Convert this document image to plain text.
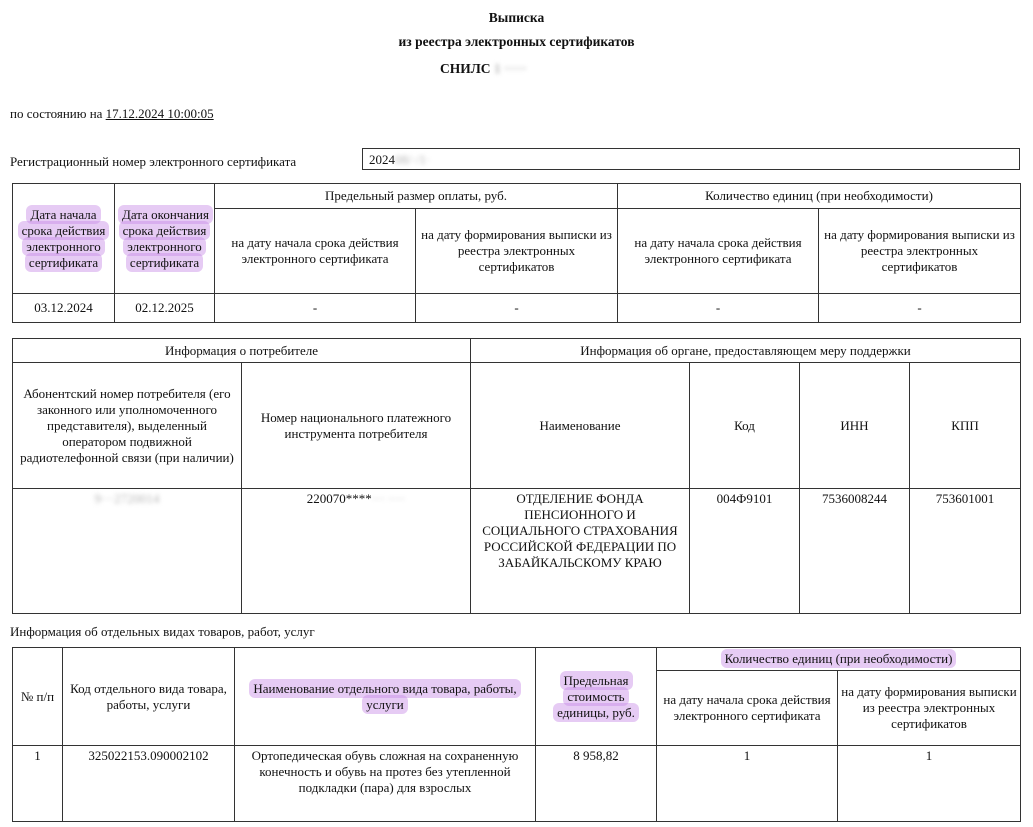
Выписка
из реестра электронных сертификатов
СНИЛС 1 ·····
по состоянию на 17.12.2024 10:00:05
Регистрационный номер электронного сертификата	202408/·/1·
Дата начала срока действия электронного сертификата	Дата окончания срока действия электронного сертификата	Предельный размер оплаты, руб.		Количество единиц (при необходимости)	
		на дату начала срока действия электронного сертификата	на дату формирования выписки из реестра электронных сертификатов	на дату начала срока действия электронного сертификата	на дату формирования выписки из реестра электронных сертификатов
03.12.2024	02.12.2025	-	-	-	-
Информация о потребителе		Информация об органе, предоставляющем меру поддержки			
Абонентский номер потребителя (его законного или уполномоченного представителя), выделенный оператором подвижной радиотелефонной связи (при наличии)	Номер национального платежного инструмента потребителя	Наименование	Код	ИНН	КПП
9···2720014	220070****··· ····	ОТДЕЛЕНИЕ ФОНДА ПЕНСИОННОГО И СОЦИАЛЬНОГО СТРАХОВАНИЯ РОССИЙСКОЙ ФЕДЕРАЦИИ ПО ЗАБАЙКАЛЬСКОМУ КРАЮ	004Ф9101	7536008244	753601001
Информация об отдельных видах товаров, работ, услуг
№ п/п	Код отдельного вида товара, работы, услуги	Наименование отдельного вида товара, работы, услуги	Предельная стоимость единицы, руб.	Количество единиц (при необходимости)	
				на дату начала срока действия электронного сертификата	на дату формирования выписки из реестра электронных сертификатов
1	325022153.090002102	Ортопедическая обувь сложная на сохраненную конечность и обувь на протез без утепленной подкладки (пара) для взрослых	8 958,82	1	1
